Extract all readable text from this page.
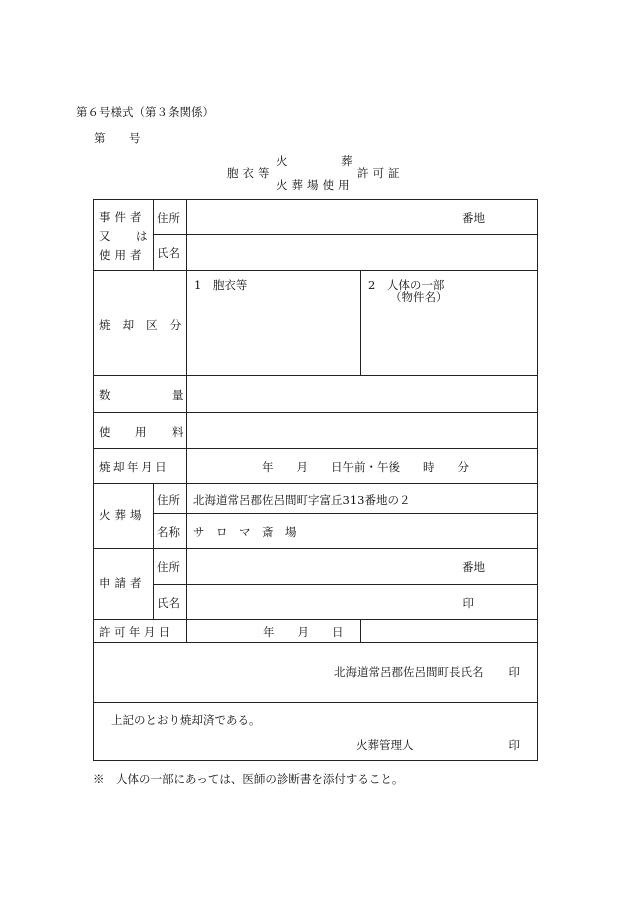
第６号様式（第３条関係）
第 号
火	葬
胞衣等
火葬場使用
許可証
事件者
又 は
使用者	住所	番地	

	氏名		

焼却区分		1　胞衣等	2　人体の一部
（物件名）

数 量			

使 用 料			

焼却年月日		年　　月　　日午前・午後　　時　　分	

火葬場	住所	北海道常呂郡佐呂間町字富丘313番地の２	

	名称	サ　ロ　マ　斎　場	

申請者	住所	番地	

	氏名	印	

許可年月日		年　　月　　日	

北海道常呂郡佐呂間町長氏名 印			

上記のとおり焼却済である。
火葬管理人 印			
※　人体の一部にあっては、医師の診断書を添付すること。
